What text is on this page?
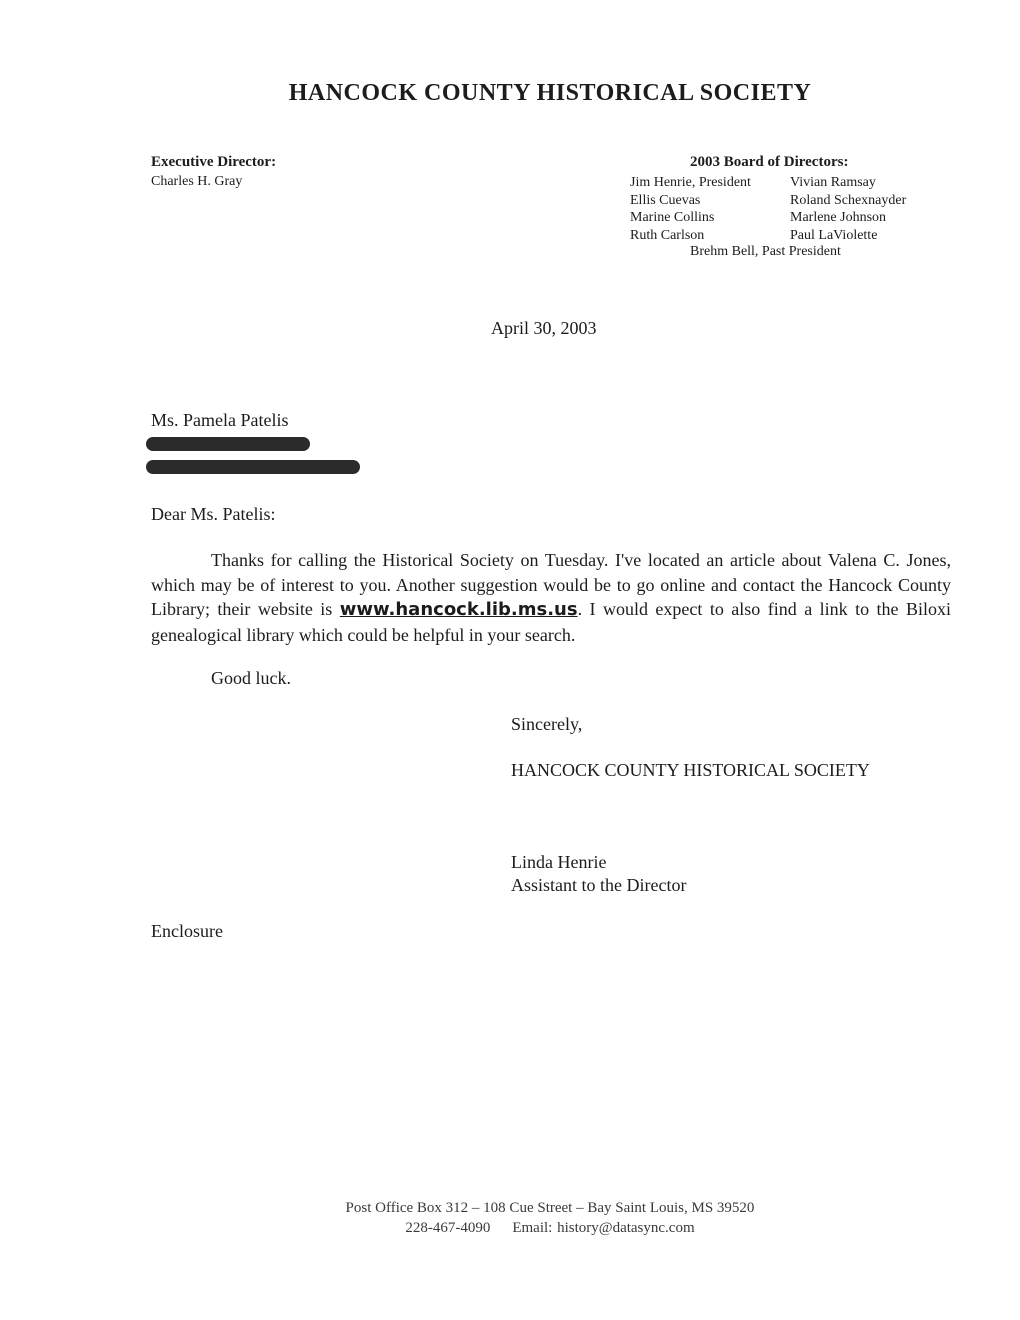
HANCOCK COUNTY HISTORICAL SOCIETY
Executive Director:
Charles H. Gray
2003 Board of Directors:
Jim Henrie, President	Vivian Ramsay
Ellis Cuevas	Roland Schexnayder
Marine Collins	Marlene Johnson
Ruth Carlson	Paul LaViolette
Brehm Bell, Past President
April 30, 2003
Ms. Pamela Patelis
Dear Ms. Patelis:
Thanks for calling the Historical Society on Tuesday. I've located an article about Valena C. Jones, which may be of interest to you. Another suggestion would be to go online and contact the Hancock County Library; their website is www.hancock.lib.ms.us. I would expect to also find a link to the Biloxi genealogical library which could be helpful in your search.
Good luck.
Sincerely,
HANCOCK COUNTY HISTORICAL SOCIETY
Linda Henrie
Assistant to the Director
Enclosure
Post Office Box 312 – 108 Cue Street – Bay Saint Louis, MS 39520
228-467-4090 Email: history@datasync.com
